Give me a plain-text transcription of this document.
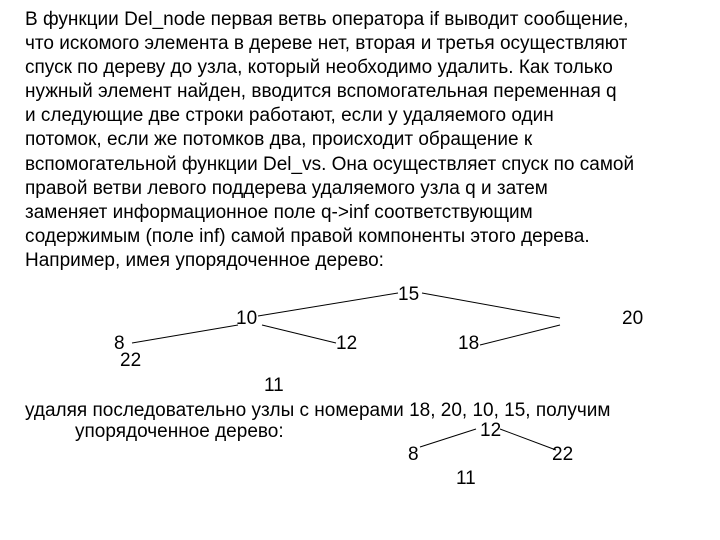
В функции Del_node первая ветвь оператора if выводит сообщение,
что искомого элемента в дереве нет, вторая и третья осуществляют
спуск по дереву до узла, который необходимо удалить. Как только
нужный элемент найден, вводится вспомогательная переменная q
и следующие две строки работают, если у удаляемого один
потомок, если же потомков два, происходит обращение к
вспомогательной функции Del_vs. Она осуществляет спуск по самой
правой ветви левого поддерева удаляемого узла q и затем
заменяет информационное поле q->inf соответствующим
содержимым (поле inf) самой правой компоненты этого дерева.
Например, имея упорядоченное дерево:
15
10	20
8	12	18
22
11
удаляя последовательно узлы с номерами 18, 20, 10, 15, получим
упорядоченное дерево:	12
8	22
11
